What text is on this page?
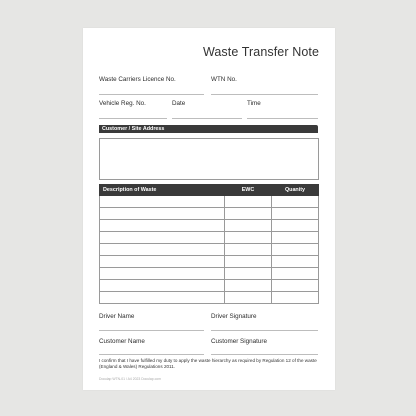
Waste Transfer Note
Waste Carriers Licence No.	WTN No.
Vehicle Reg. No.	Date	Time
Customer / Site Address
Description of Waste	EWC	Quanity

Driver Name	Driver Signature
Customer Name	Customer Signature
I confirm that I have fulfilled my duty to apply the waste hierarchy as required by Regulation 12 of the waste (England & Wales) Regulations 2011.
Doculap WTN-01 / A4 2023 Doculap.com
